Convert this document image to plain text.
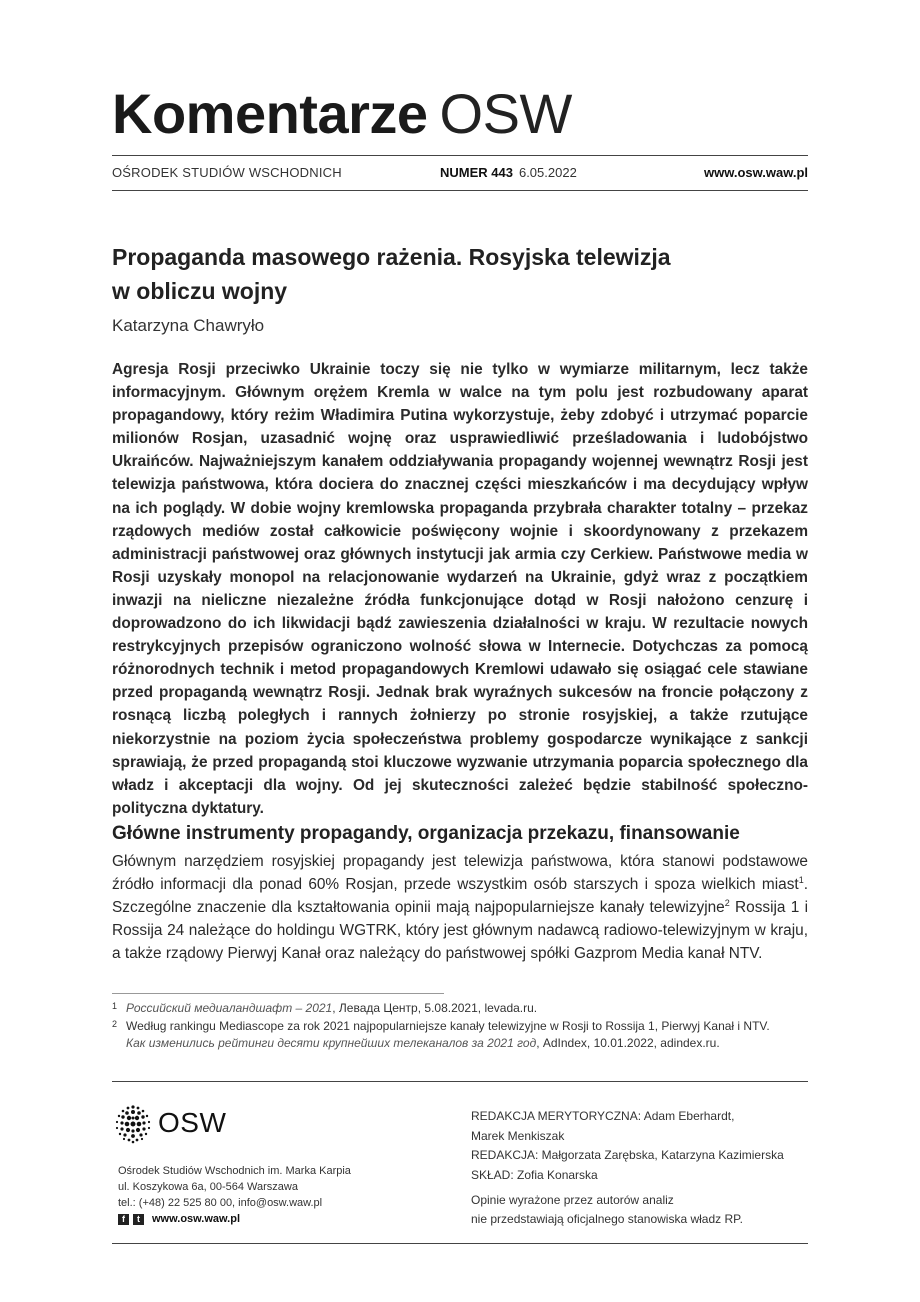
Komentarze OSW
OŚRODEK STUDIÓW WSCHODNICH	NUMER 443 6.05.2022	www.osw.waw.pl
Propaganda masowego rażenia. Rosyjska telewizja
w obliczu wojny
Katarzyna Chawryło

Agresja Rosji przeciwko Ukrainie toczy się nie tylko w wymiarze militarnym, lecz także informacyjnym. Głównym orężem Kremla w walce na tym polu jest rozbudowany aparat propagandowy, który reżim Władimira Putina wykorzystuje, żeby zdobyć i utrzymać poparcie milionów Rosjan, uzasadnić wojnę oraz usprawiedliwić prześladowania i ludobójstwo Ukraińców. Najważniejszym kanałem oddziaływania propagandy wojennej wewnątrz Rosji jest telewizja państwowa, która dociera do znacznej części mieszkańców i ma decydujący wpływ na ich poglądy. W dobie wojny kremlowska propaganda przybrała charakter totalny – przekaz rządowych mediów został całkowicie poświęcony wojnie i skoordynowany z przekazem administracji państwowej oraz głównych instytucji jak armia czy Cerkiew. Państwowe media w Rosji uzyskały monopol na relacjonowanie wydarzeń na Ukrainie, gdyż wraz z początkiem inwazji na nieliczne niezależne źródła funkcjonujące dotąd w Rosji nałożono cenzurę i doprowadzono do ich likwidacji bądź zawieszenia działalności w kraju. W rezultacie nowych restrykcyjnych przepisów ograniczono wolność słowa w Internecie. Dotychczas za pomocą różnorodnych technik i metod propagandowych Kremlowi udawało się osiągać cele stawiane przed propagandą wewnątrz Rosji. Jednak brak wyraźnych sukcesów na froncie połączony z rosnącą liczbą poległych i rannych żołnierzy po stronie rosyjskiej, a także rzutujące niekorzystnie na poziom życia społeczeństwa problemy gospodarcze wynikające z sankcji sprawiają, że przed propagandą stoi kluczowe wyzwanie utrzymania poparcia społecznego dla władz i akceptacji dla wojny. Od jej skuteczności zależeć będzie stabilność społeczno-polityczna dyktatury.

Główne instrumenty propagandy, organizacja przekazu, finansowanie

Głównym narzędziem rosyjskiej propagandy jest telewizja państwowa, która stanowi podstawowe źródło informacji dla ponad 60% Rosjan, przede wszystkim osób starszych i spoza wielkich miast$^1$. Szczególne znaczenie dla kształtowania opinii mają najpopularniejsze kanały telewizyjne$^2$ Rossija 1 i Rossija 24 należące do holdingu WGTRK, który jest głównym nadawcą radiowo-telewizyjnym w kraju, a także rządowy Pierwyj Kanał oraz należący do państwowej spółki Gazprom Media kanał NTV.

1 Российский медиаландшафт – 2021, Левада Центр, 5.08.2021, levada.ru.
2 Według rankingu Mediascope za rok 2021 najpopularniejsze kanały telewizyjne w Rosji to Rossija 1, Pierwyj Kanał i NTV.
Как изменились рейтинги десяти крупнейших телеканалов за 2021 год, AdIndex, 10.01.2022, adindex.ru.
OSW
Ośrodek Studiów Wschodnich im. Marka Karpia
ul. Koszykowa 6a, 00-564 Warszawa
tel.: (+48) 22 525 80 00, info@osw.waw.pl
f	t	www.osw.waw.pl
REDAKCJA MERYTORYCZNA: Adam Eberhardt,
Marek Menkiszak
REDAKCJA: Małgorzata Zarębska, Katarzyna Kazimierska
SKŁAD: Zofia Konarska
Opinie wyrażone przez autorów analiz
nie przedstawiają oficjalnego stanowiska władz RP.
